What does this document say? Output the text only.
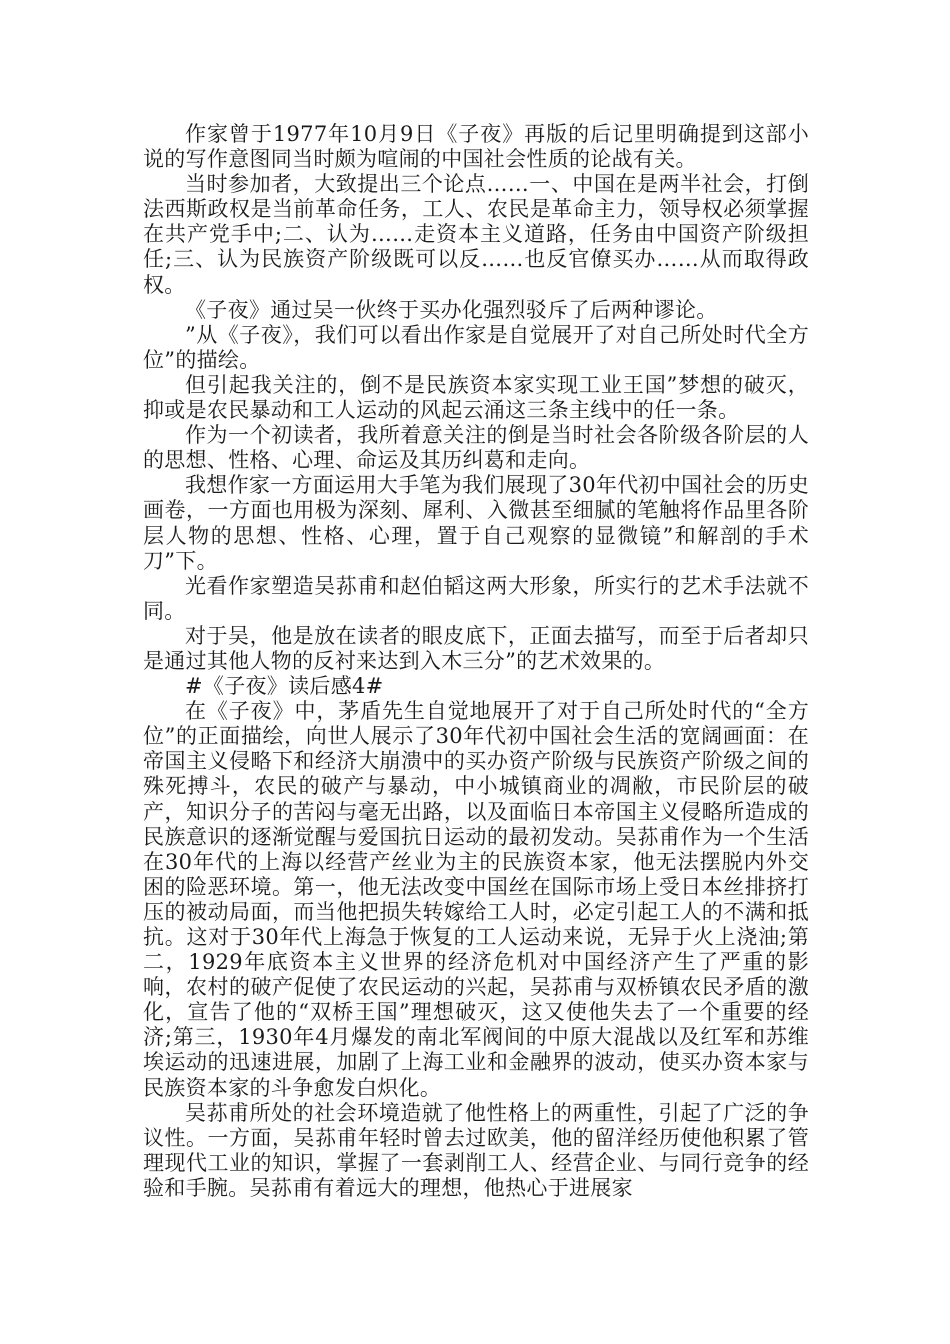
作家曾于1977年10月9日《子夜》再版的后记里明确提到这部小说的写作意图同当时颇为喧闹的中国社会性质的论战有关。

当时参加者，大致提出三个论点……一、中国在是两半社会，打倒法西斯政权是当前革命任务，工人、农民是革命主力，领导权必须掌握在共产党手中;二、认为……走资本主义道路，任务由中国资产阶级担任;三、认为民族资产阶级既可以反……也反官僚买办……从而取得政权。

《子夜》通过吴一伙终于买办化强烈驳斥了后两种谬论。

”从《子夜》，我们可以看出作家是自觉展开了对自己所处时代全方位”的描绘。

但引起我关注的，倒不是民族资本家实现工业王国”梦想的破灭，抑或是农民暴动和工人运动的风起云涌这三条主线中的任一条。

作为一个初读者，我所着意关注的倒是当时社会各阶级各阶层的人的思想、性格、心理、命运及其历纠葛和走向。

我想作家一方面运用大手笔为我们展现了30年代初中国社会的历史画卷，一方面也用极为深刻、犀利、入微甚至细腻的笔触将作品里各阶层人物的思想、性格、心理，置于自己观察的显微镜”和解剖的手术刀”下。

光看作家塑造吴荪甫和赵伯韬这两大形象，所实行的艺术手法就不同。

对于吴，他是放在读者的眼皮底下，正面去描写，而至于后者却只是通过其他人物的反衬来达到入木三分”的艺术效果的。

#《子夜》读后感4#

在《子夜》中，茅盾先生自觉地展开了对于自己所处时代的“全方位”的正面描绘，向世人展示了30年代初中国社会生活的宽阔画面：在帝国主义侵略下和经济大崩溃中的买办资产阶级与民族资产阶级之间的殊死搏斗，农民的破产与暴动，中小城镇商业的凋敝，市民阶层的破产，知识分子的苦闷与毫无出路，以及面临日本帝国主义侵略所造成的民族意识的逐渐觉醒与爱国抗日运动的最初发动。吴荪甫作为一个生活在30年代的上海以经营产丝业为主的民族资本家，他无法摆脱内外交困的险恶环境。第一，他无法改变中国丝在国际市场上受日本丝排挤打压的被动局面，而当他把损失转嫁给工人时，必定引起工人的不满和抵抗。这对于30年代上海急于恢复的工人运动来说，无异于火上浇油;第二，1929年底资本主义世界的经济危机对中国经济产生了严重的影响，农村的破产促使了农民运动的兴起，吴荪甫与双桥镇农民矛盾的激化，宣告了他的“双桥王国”理想破灭，这又使他失去了一个重要的经济;第三，1930年4月爆发的南北军阀间的中原大混战以及红军和苏维埃运动的迅速进展，加剧了上海工业和金融界的波动，使买办资本家与民族资本家的斗争愈发白炽化。

吴荪甫所处的社会环境造就了他性格上的两重性，引起了广泛的争议性。一方面，吴荪甫年轻时曾去过欧美，他的留洋经历使他积累了管理现代工业的知识，掌握了一套剥削工人、经营企业、与同行竞争的经验和手腕。吴荪甫有着远大的理想，他热心于进展家
